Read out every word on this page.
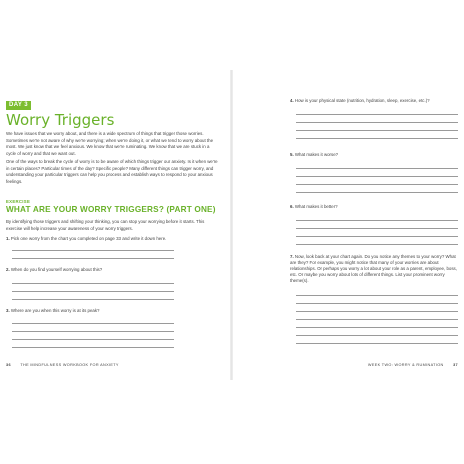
DAY 3
Worry Triggers

We have issues that we worry about, and there is a wide spectrum of things that trigger those worries. Sometimes we're not aware of why we're worrying; when we're doing it, or what we tend to worry about the most. We just know that we feel anxious. We know that we're ruminating. We know that we are stuck in a cycle of worry and that we want out.

One of the ways to break the cycle of worry is to be aware of which things trigger our anxiety. Is it when we're in certain places? Particular times of the day? Specific people? Many different things can trigger worry, and understanding your particular triggers can help you process and establish ways to respond to your anxious feelings.

EXERCISE
WHAT ARE YOUR WORRY TRIGGERS? (PART ONE)

By identifying those triggers and shifting your thinking, you can stop your worrying before it starts. This exercise will help increase your awareness of your worry triggers.

1. Pick one worry from the chart you completed on page 33 and write it down here.
2. When do you find yourself worrying about this?
3. Where are you when this worry is at its peak?
36 THE MINDFULNESS WORKBOOK FOR ANXIETY
4. How is your physical state (nutrition, hydration, sleep, exercise, etc.)?
5. What makes it worse?
6. What makes it better?
7. Now, look back at your chart again. Do you notice any themes to your worry? What are they? For example, you might notice that many of your worries are about relationships. Or perhaps you worry a lot about your role as a parent, employee, boss, etc. Or maybe you worry about lots of different things. List your prominent worry theme(s).
WEEK TWO: WORRY & RUMINATION 37
